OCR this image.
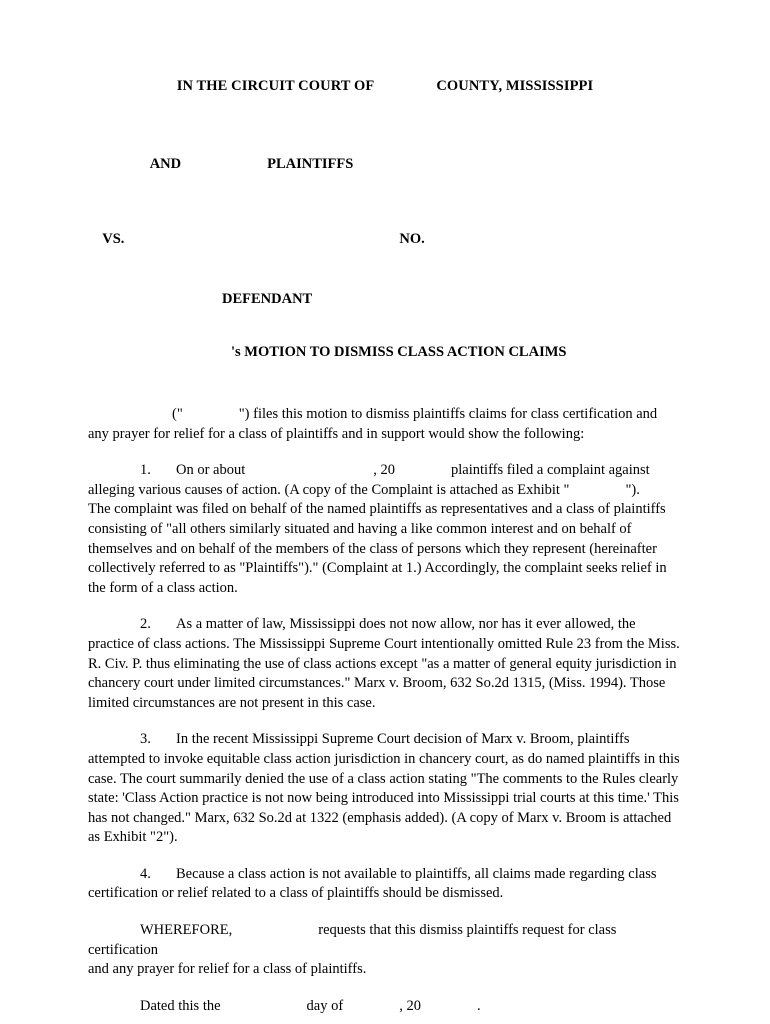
IN THE CIRCUIT COURT OF	COUNTY, MISSISSIPPI

AND	PLAINTIFFS

VS.	NO.

DEFENDANT
's MOTION TO DISMISS CLASS ACTION CLAIMS

("	") files this motion to dismiss plaintiffs claims for class certification and
any prayer for relief for a class of plaintiffs and in support would show the following:

1. On or about	, 20	plaintiffs filed a complaint against
alleging various causes of action. (A copy of the Complaint is attached as Exhibit "	").
The complaint was filed on behalf of the named plaintiffs as representatives and a class of plaintiffs consisting of "all others similarly situated and having a like common interest and on behalf of themselves and on behalf of the members of the class of persons which they represent (hereinafter collectively referred to as "Plaintiffs")." (Complaint at 1.) Accordingly, the complaint seeks relief in the form of a class action.

2. As a matter of law, Mississippi does not now allow, nor has it ever allowed, the practice of class actions. The Mississippi Supreme Court intentionally omitted Rule 23 from the Miss. R. Civ. P. thus eliminating the use of class actions except "as a matter of general equity jurisdiction in chancery court under limited circumstances." Marx v. Broom, 632 So.2d 1315, (Miss. 1994). Those limited circumstances are not present in this case.

3. In the recent Mississippi Supreme Court decision of Marx v. Broom, plaintiffs attempted to invoke equitable class action jurisdiction in chancery court, as do named plaintiffs in this case. The court summarily denied the use of a class action stating "The comments to the Rules clearly state: 'Class Action practice is not now being introduced into Mississippi trial courts at this time.' This has not changed." Marx, 632 So.2d at 1322 (emphasis added). (A copy of Marx v. Broom is attached as Exhibit "2").

4. Because a class action is not available to plaintiffs, all claims made regarding class certification or relief related to a class of plaintiffs should be dismissed.

WHEREFORE,	requests that this dismiss plaintiffs request for class certification
and any prayer for relief for a class of plaintiffs.

Dated this the	day of	, 20	.
